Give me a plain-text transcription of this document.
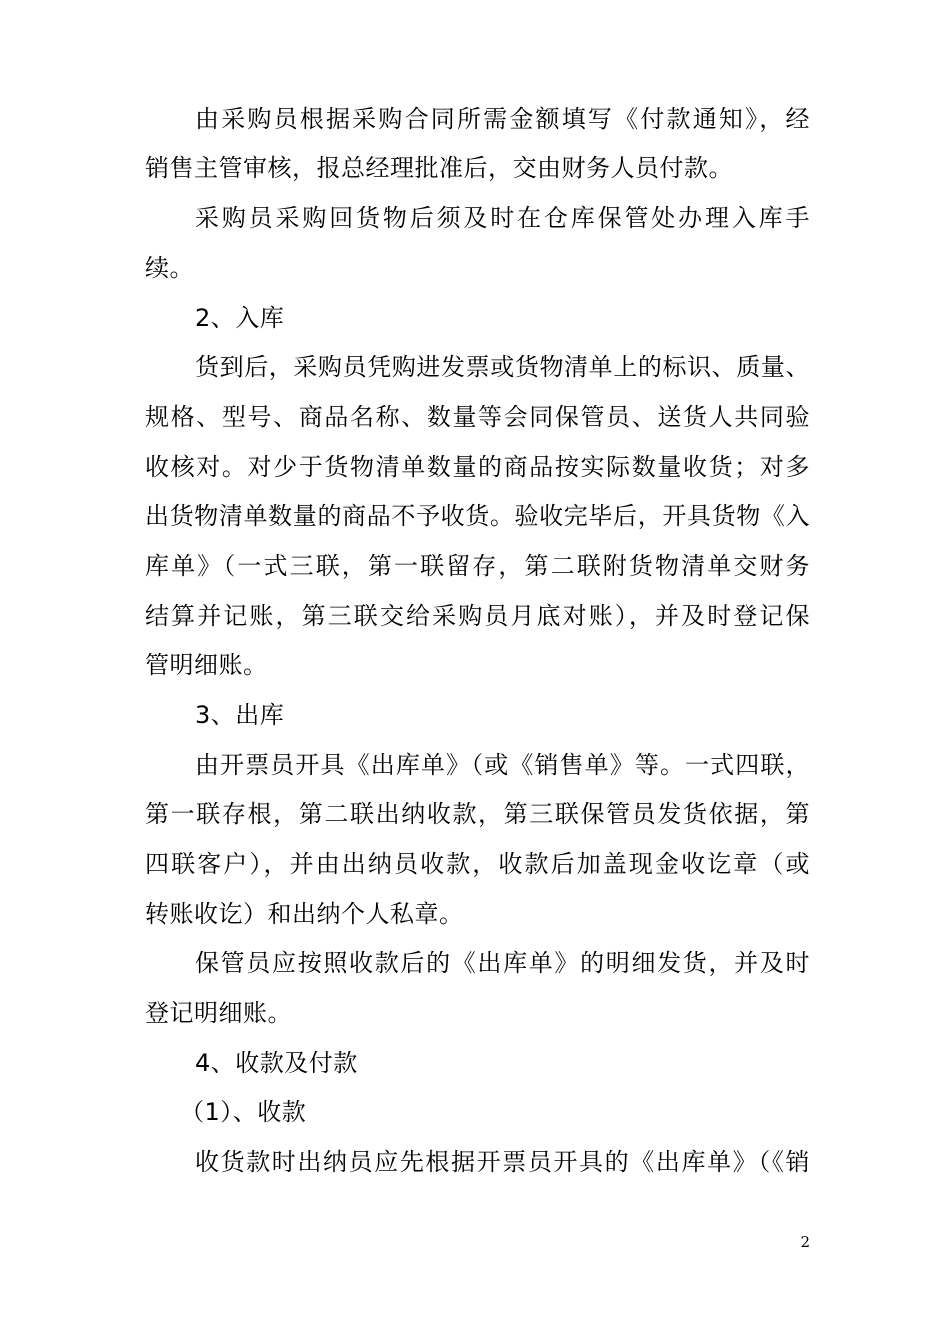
由采购员根据采购合同所需金额填写《付款通知》，经
销售主管审核，报总经理批准后，交由财务人员付款。
采购员采购回货物后须及时在仓库保管处办理入库手
续。
2、入库
货到后，采购员凭购进发票或货物清单上的标识、质量、
规格、型号、商品名称、数量等会同保管员、送货人共同验
收核对。对少于货物清单数量的商品按实际数量收货；对多
出货物清单数量的商品不予收货。验收完毕后，开具货物《入
库单》（一式三联，第一联留存，第二联附货物清单交财务
结算并记账，第三联交给采购员月底对账），并及时登记保
管明细账。
3、出库
由开票员开具《出库单》（或《销售单》等。一式四联，
第一联存根，第二联出纳收款，第三联保管员发货依据，第
四联客户），并由出纳员收款，收款后加盖现金收讫章（或
转账收讫）和出纳个人私章。
保管员应按照收款后的《出库单》的明细发货，并及时
登记明细账。
4、收款及付款
（1）、收款
收货款时出纳员应先根据开票员开具的《出库单》（《销
2
